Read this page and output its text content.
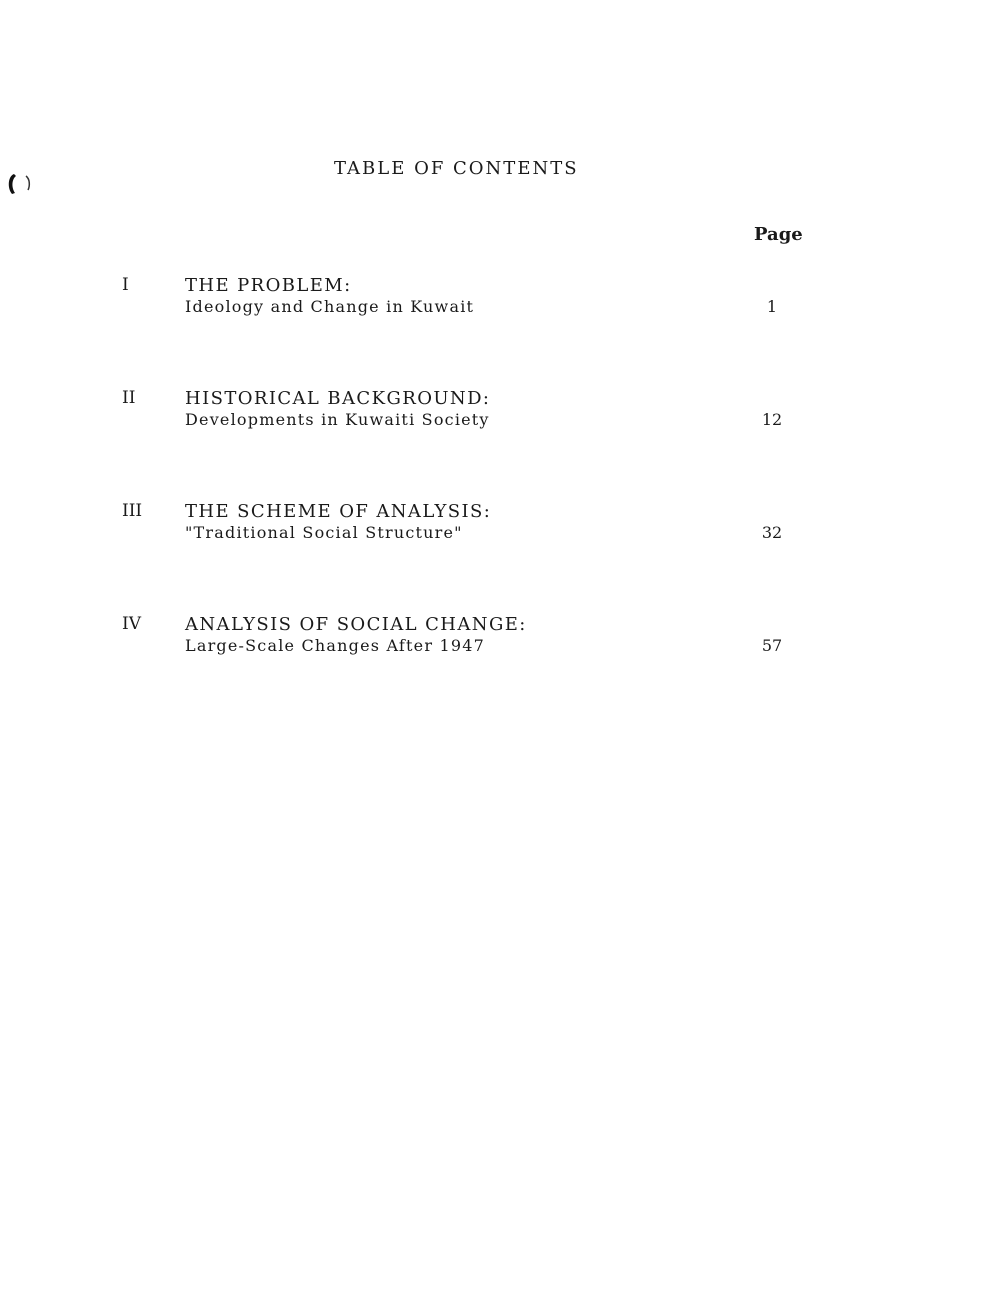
TABLE OF CONTENTS
Page
I	THE PROBLEM:
Ideology and Change in Kuwait	1
II	HISTORICAL BACKGROUND:
Developments in Kuwaiti Society	12
III THE SCHEME OF ANALYSIS:
"Traditional Social Structure"	32
IV ANALYSIS OF SOCIAL CHANGE:
Large-Scale Changes After 1947	57
